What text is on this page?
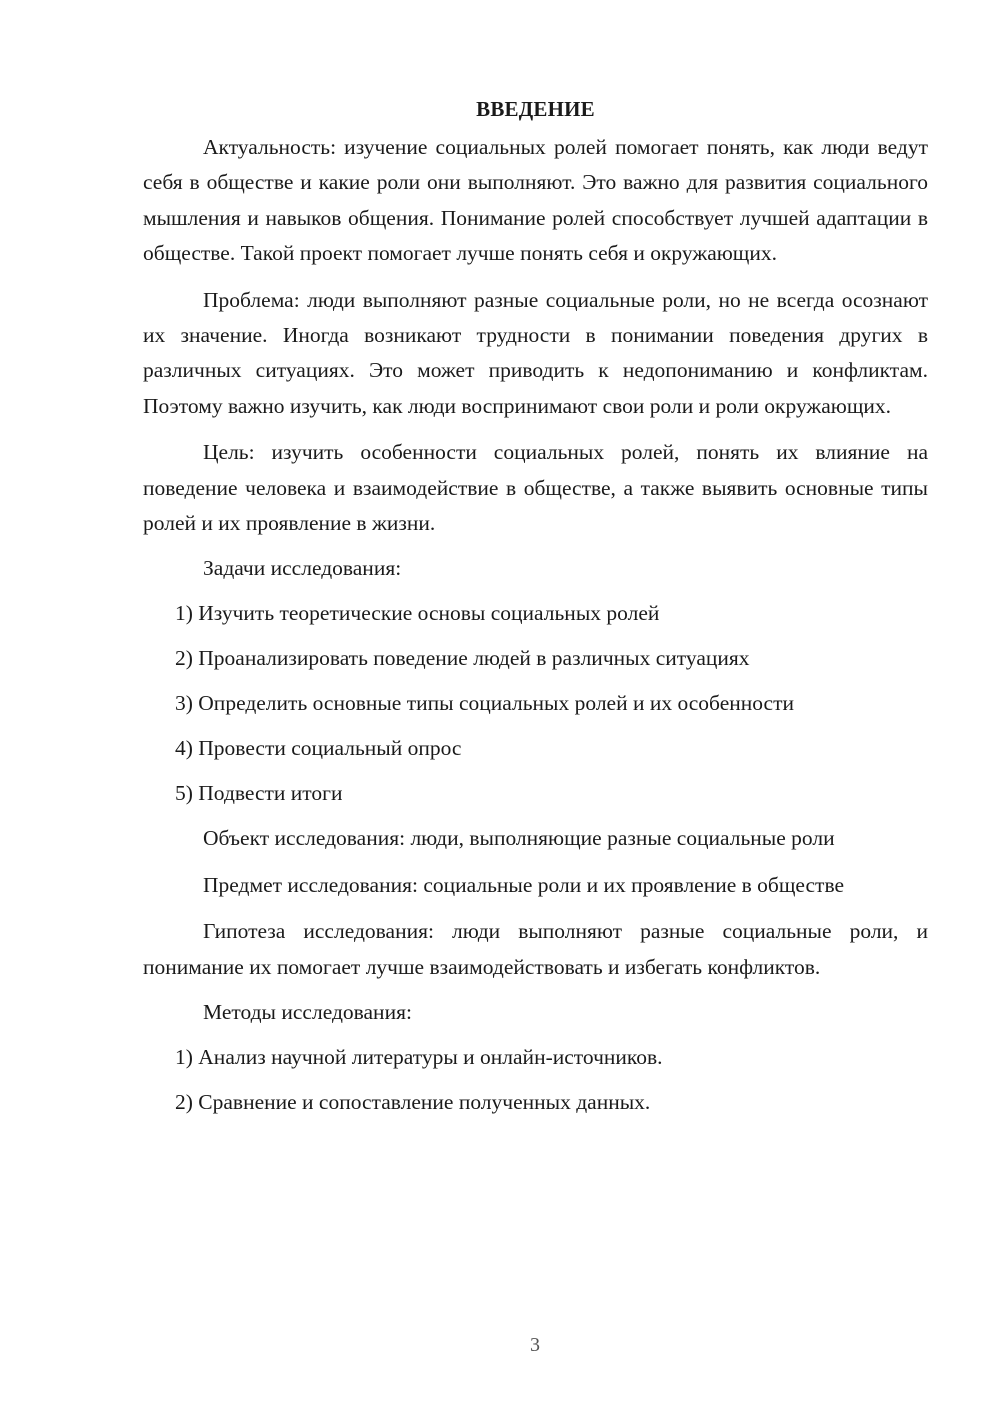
ВВЕДЕНИЕ

Актуальность: изучение социальных ролей помогает понять, как люди ведут себя в обществе и какие роли они выполняют. Это важно для развития социального мышления и навыков общения. Понимание ролей способствует лучшей адаптации в обществе. Такой проект помогает лучше понять себя и окружающих.

Проблема: люди выполняют разные социальные роли, но не всегда осознают их значение. Иногда возникают трудности в понимании поведения других в различных ситуациях. Это может приводить к недопониманию и конфликтам. Поэтому важно изучить, как люди воспринимают свои роли и роли окружающих.

Цель: изучить особенности социальных ролей, понять их влияние на поведение человека и взаимодействие в обществе, а также выявить основные типы ролей и их проявление в жизни.

Задачи исследования:

1) Изучить теоретические основы социальных ролей
2) Проанализировать поведение людей в различных ситуациях
3) Определить основные типы социальных ролей и их особенности
4) Провести социальный опрос
5) Подвести итоги

Объект исследования: люди, выполняющие разные социальные роли

Предмет исследования: социальные роли и их проявление в обществе

Гипотеза исследования: люди выполняют разные социальные роли, и понимание их помогает лучше взаимодействовать и избегать конфликтов.

Методы исследования:

1) Анализ научной литературы и онлайн-источников.
2) Сравнение и сопоставление полученных данных.
3
